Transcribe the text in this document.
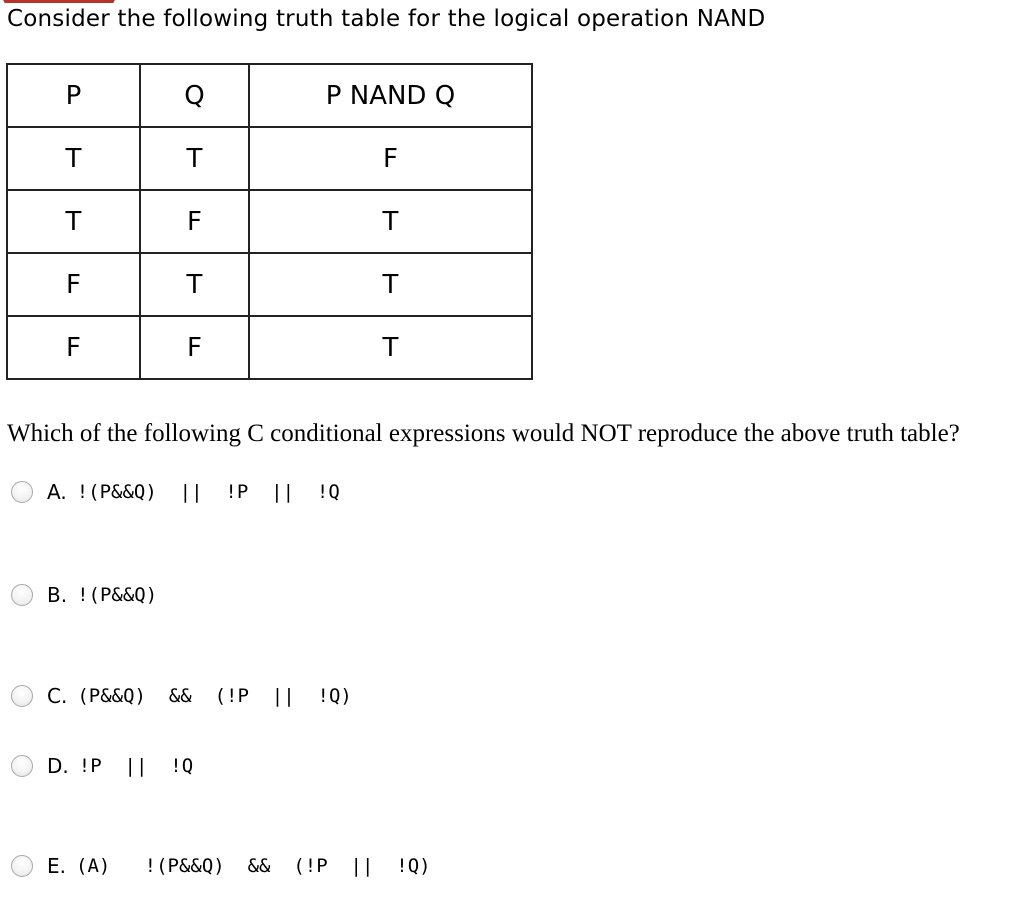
Consider the following truth table for the logical operation NAND
P	Q	P NAND Q
T	T	F
T	F	T
F	T	T
F	F	T
Which of the following C conditional expressions would NOT reproduce the above truth table?
A. !(P&&Q)  ||  !P  ||  !Q
B. !(P&&Q)
C. (P&&Q)  &&  (!P  ||  !Q)
D. !P  ||  !Q
E. (A)   !(P&&Q)  &&  (!P  ||  !Q)
